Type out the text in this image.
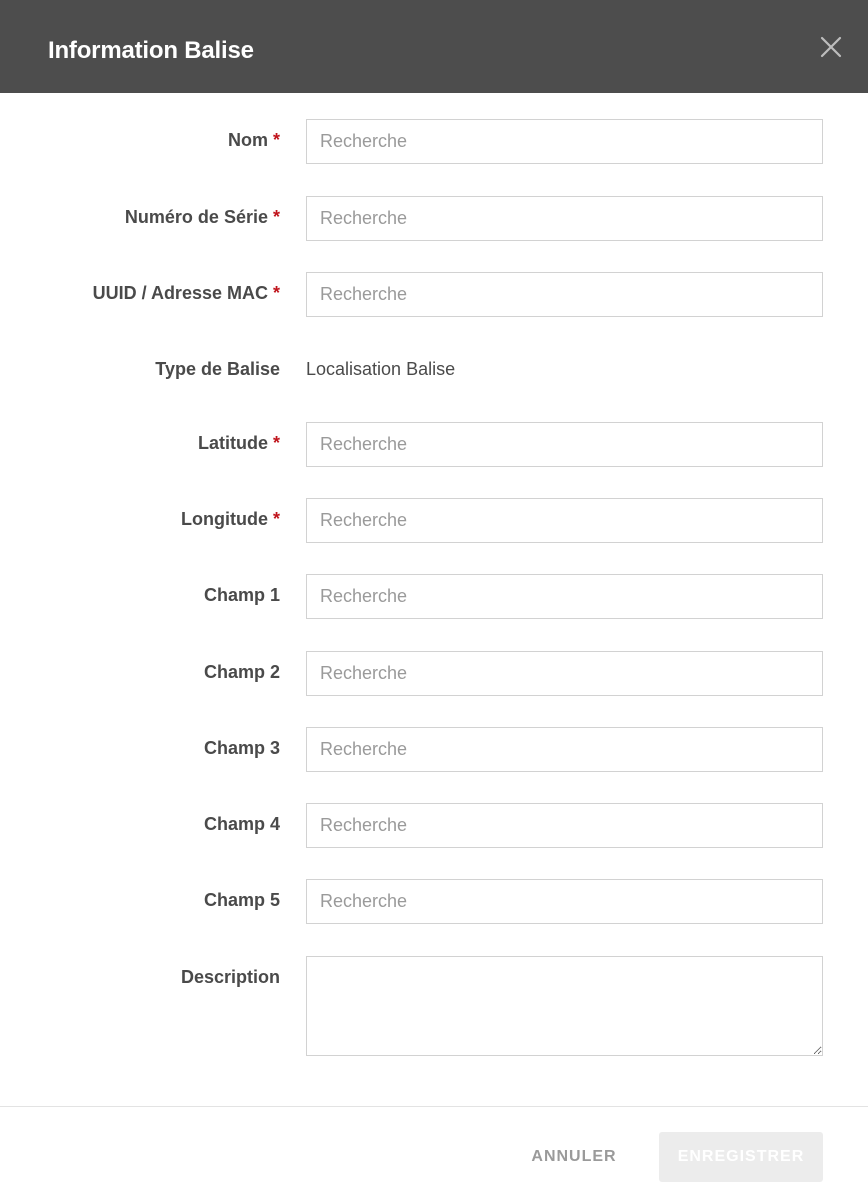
Information Balise
Nom *
Recherche
Numéro de Série *
Recherche
UUID / Adresse MAC *
Recherche
Type de Balise Localisation Balise
Latitude *
Recherche
Longitude *
Recherche
Champ 1
Recherche
Champ 2
Recherche
Champ 3
Recherche
Champ 4
Recherche
Champ 5
Recherche
Description
ANNULER	ENREGISTRER
